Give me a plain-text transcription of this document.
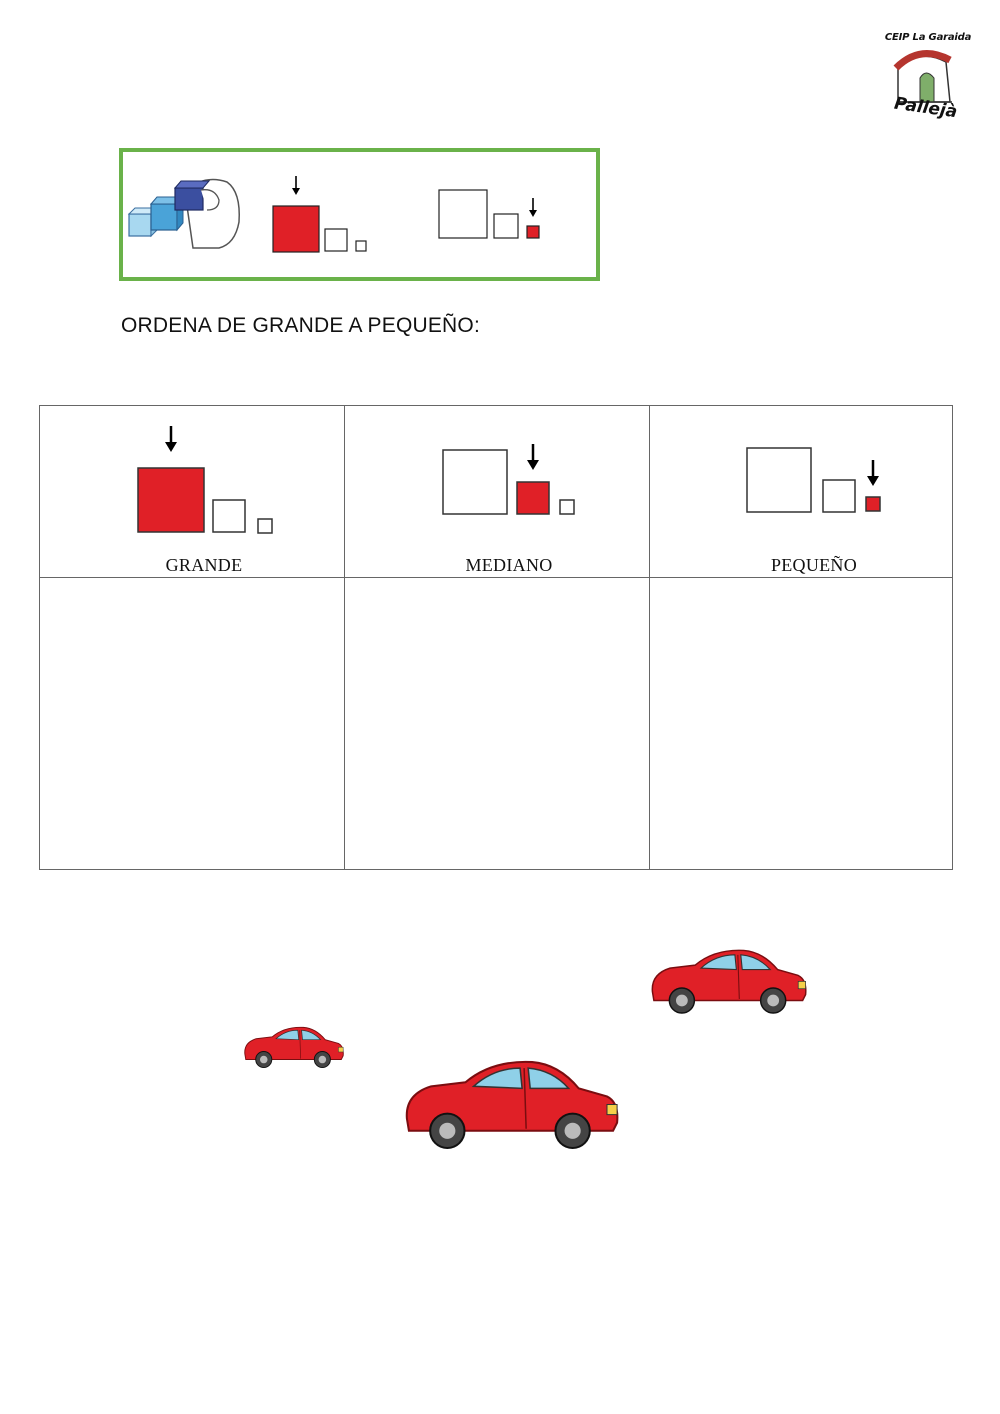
CEIP La Garaida
Pallejà
ORDENA DE GRANDE A PEQUEÑO:
GRANDE	MEDIANO	PEQUEÑO
